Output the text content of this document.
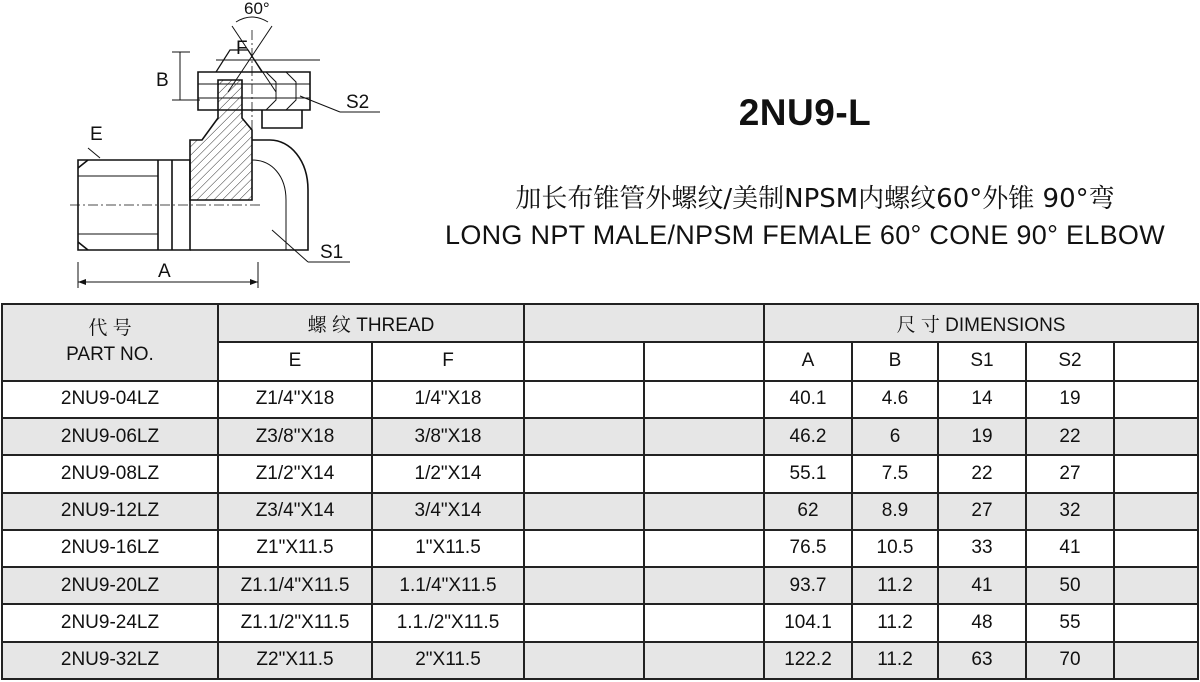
60°
F
B
S2
E
S1
A
2NU9-L
加长布锥管外螺纹/美制NPSM内螺纹60°外锥 90°弯
LONG NPT MALE/NPSM FEMALE 60° CONE 90° ELBOW
代 号
PART NO.	螺 纹 THREAD				尺 寸 DIMENSIONS				
	E	F			A	B	S1	S2	
2NU9-04LZ	Z1/4"X18	1/4"X18			40.1	4.6	14	19	
2NU9-06LZ	Z3/8"X18	3/8"X18			46.2	6	19	22	
2NU9-08LZ	Z1/2"X14	1/2"X14			55.1	7.5	22	27	
2NU9-12LZ	Z3/4"X14	3/4"X14			62	8.9	27	32	
2NU9-16LZ	Z1"X11.5	1"X11.5			76.5	10.5	33	41	
2NU9-20LZ	Z1.1/4"X11.5	1.1/4"X11.5			93.7	11.2	41	50	
2NU9-24LZ	Z1.1/2"X11.5	1.1./2"X11.5			104.1	11.2	48	55	
2NU9-32LZ	Z2"X11.5	2"X11.5			122.2	11.2	63	70	
